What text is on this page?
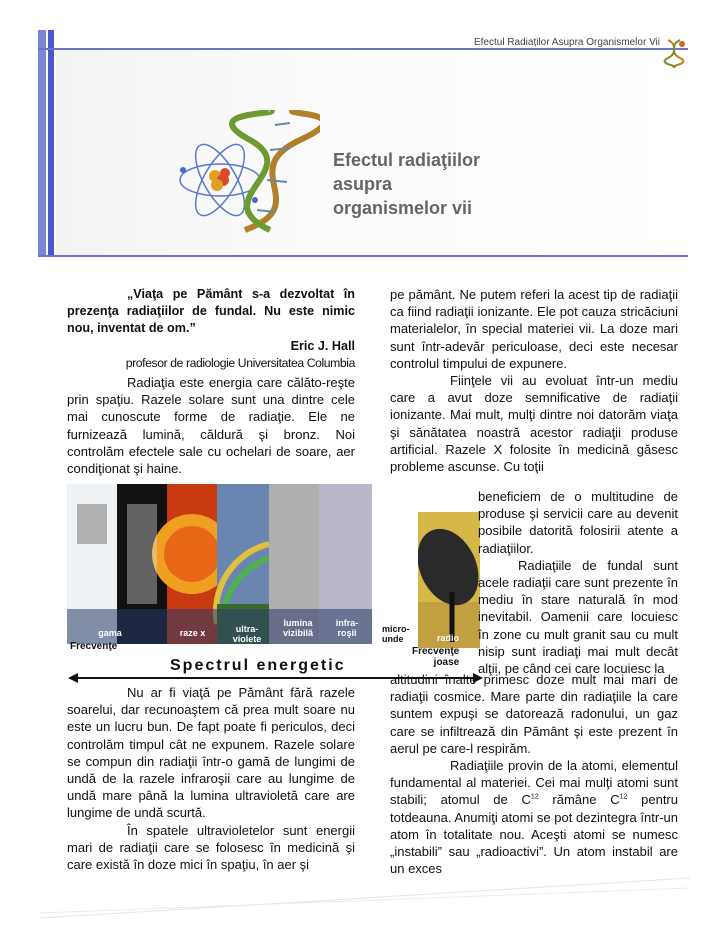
Efectul Radiaților Asupra Organismelor Vii
Efectul radiaţiilor
asupra
organismelor vii
„Viaţa pe Pământ s-a dezvoltat în prezenţa radiaţiilor de fundal. Nu este nimic nou, inventat de om.”
Eric J. Hall
profesor de radiologie Universitatea Columbia
Radiaţia este energia care călăto-reşte prin spaţiu. Razele solare sunt una dintre cele mai cunoscute forme de radiaţie. Ele ne furnizează lumină, căldură şi bronz. Noi controlăm efectele sale cu ochelari de soare, aer condiţionat şi haine.
gama	raze x	ultra-
violete
lumina
vizibilă
infra-
roşii	micro-
unde	radio
Frecvenţe	Frecvenţe
joase
Spectrul energetic
Nu ar fi viaţă pe Pământ fără razele soarelui, dar recunoaştem că prea mult soare nu este un lucru bun. De fapt poate fi periculos, deci controlăm timpul cât ne expunem. Razele solare se compun din radiaţii într-o gamă de lungimi de undă de la razele infraroşii care au lungime de undă mare până la lumina ultravioletă care are lungime de undă scurtă.
În spatele ultravioletelor sunt energii mari de radiaţii care se folosesc în medicină şi care există în doze mici în spaţiu, în aer şi
pe pământ. Ne putem referi la acest tip de radiaţii ca fiind radiaţii ionizante. Ele pot cauza stricăciuni materialelor, în special materiei vii. La doze mari sunt într-adevăr periculoase, deci este necesar controlul timpului de expunere.
Fiinţele vii au evoluat într-un mediu care a avut doze semnificative de radiaţii ionizante. Mai mult, mulţi dintre noi datorăm viaţa şi sănătatea noastră acestor radiaţii produse artificial. Razele X folosite în medicină găsesc probleme ascunse. Cu toţii
beneficiem de o multitudine de produse şi servicii care au devenit posibile datorită folosirii atente a radiaţiilor.
Radiaţiile de fundal sunt acele radiaţii care sunt prezente în mediu în stare naturală în mod inevitabil. Oamenii care locuiesc în zone cu mult granit sau cu mult nisip sunt iradiaţi mai mult decât alţii, pe când cei care locuiesc la
altitudini înalte primesc doze mult mai mari de radiaţii cosmice. Mare parte din radiaţiile la care suntem expuşi se datorează radonului, un gaz care se infiltrează din Pământ şi este prezent în aerul pe care-l respirăm.
Radiaţiile provin de la atomi, elementul fundamental al materiei. Cei mai mulţi atomi sunt stabili; atomul de $C^{12}$ rămâne $C^{12}$ pentru totdeauna. Anumiţi atomi se pot dezintegra într-un atom în totalitate nou. Aceşti atomi se numesc „instabili” sau „radioactivi”. Un atom instabil are un exces
